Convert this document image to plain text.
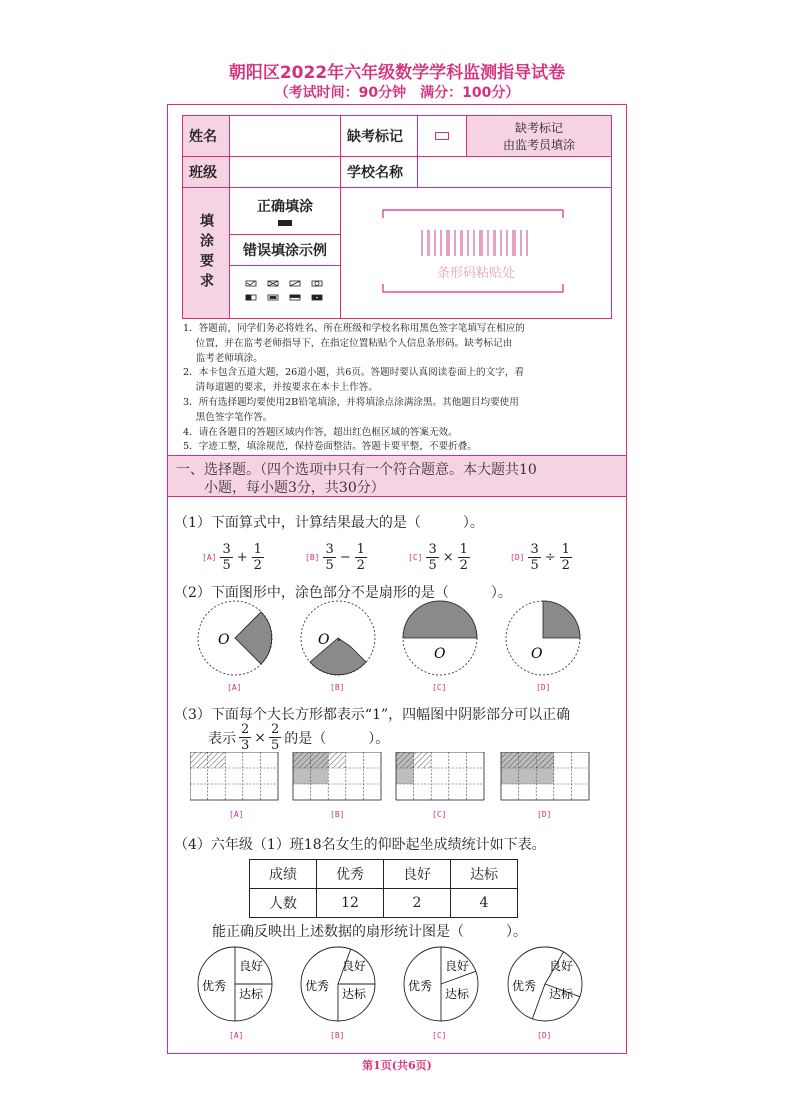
朝阳区2022年六年级数学学科监测指导试卷
（考试时间：90分钟　满分：100分）
姓名	缺考标记
缺考标记
由监考员填涂
班级	学校名称
填涂要求
正确填涂
错误填涂示例
条形码粘贴处
1．答题前，同学们务必将姓名、所在班级和学校名称用黑色签字笔填写在相应的
　 位置，并在监考老师指导下，在指定位置粘贴个人信息条形码。缺考标记由
　 监考老师填涂。
2．本卡包含五道大题，26道小题，共6页。答题时要认真阅读卷面上的文字，看
　 清每道题的要求，并按要求在本卡上作答。
3．所有选择题均要使用2B铅笔填涂，并将填涂点涂满涂黑。其他题目均要使用
　 黑色签字笔作答。
4．请在各题目的答题区域内作答，超出红色框区域的答案无效。
5．字迹工整，填涂规范，保持卷面整洁。答题卡要平整，不要折叠。
一、选择题。（四个选项中只有一个符合题意。本大题共10
　　小题，每小题3分，共30分）
（1）下面算式中，计算结果最大的是（　　　）。
$[A] \frac{3}{5} + \frac{1}{2}$	$[B] \frac{3}{5} - \frac{1}{2}$	$[C] \frac{3}{5} \times \frac{1}{2}$	$[D] \frac{3}{5} \div \frac{1}{2}$
（2）下面图形中，涂色部分不是扇形的是（　　　）。
O	O
O	O
[A]	[B]	[C]	[D]
（3）下面每个大长方形都表示“1”，四幅图中阴影部分可以正确
表示 $\frac{2}{3} \times \frac{2}{5}$ 的是（　　　）。
[A]	[B]	[C]	[D]
（4）六年级（1）班18名女生的仰卧起坐成绩统计如下表。
成绩	优秀	良好	达标
人数	12	2	4
能正确反映出上述数据的扇形统计图是（　　　）。
优秀
良好
达标
优秀
良好
达标
优秀
良好
达标
优秀
良好
达标
[A]	[B]	[C]	[D]
第1页(共6页)
